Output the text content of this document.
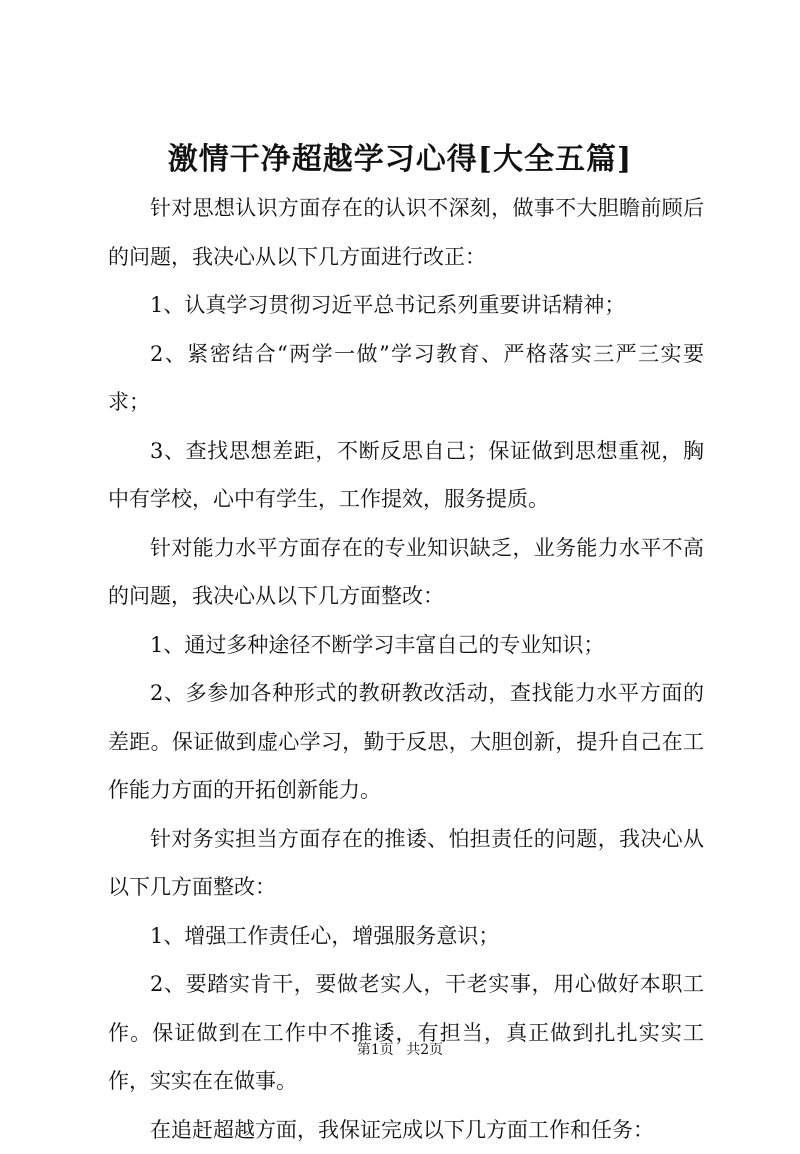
激情干净超越学习心得[大全五篇]

针对思想认识方面存在的认识不深刻，做事不大胆瞻前顾后的问题，我决心从以下几方面进行改正：

1、认真学习贯彻习近平总书记系列重要讲话精神；

2、紧密结合“两学一做”学习教育、严格落实三严三实要求；

3、查找思想差距，不断反思自己；保证做到思想重视，胸中有学校，心中有学生，工作提效，服务提质。

针对能力水平方面存在的专业知识缺乏，业务能力水平不高的问题，我决心从以下几方面整改：

1、通过多种途径不断学习丰富自己的专业知识；

2、多参加各种形式的教研教改活动，查找能力水平方面的差距。保证做到虚心学习，勤于反思，大胆创新，提升自己在工作能力方面的开拓创新能力。

针对务实担当方面存在的推诿、怕担责任的问题，我决心从以下几方面整改：

1、增强工作责任心，增强服务意识；

2、要踏实肯干，要做老实人，干老实事，用心做好本职工作。保证做到在工作中不推诿，有担当，真正做到扎扎实实工作，实实在在做事。

在追赶超越方面，我保证完成以下几方面工作和任务：

第1页 共2页
